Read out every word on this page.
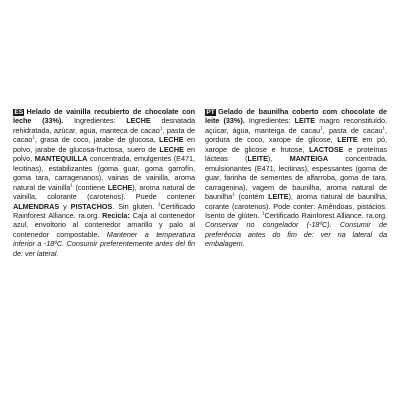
ES Helado de vainilla recubierto de chocolate con leche (33%). Ingredientes: LECHE desnatada rehidratada, azúcar, agua, manteca de cacao$^1$, pasta de cacao$^1$, grasa de coco, jarabe de glucosa, LECHE en polvo, jarabe de glucosa-fructosa, suero de LECHE en polvo, MANTEQUILLA concentrada, emulgentes (E471, lecitinas), estabilizantes (goma guar, goma garrofín, goma tara, carragenanos), vainas de vainilla, aroma natural de vainilla$^1$ (contiene LECHE), aroma natural de vainilla, colorante (carotenos). Puede contener ALMENDRAS y PISTACHOS. Sin gluten. $^1$Certificado Rainforest Alliance. ra.org. Recicla: Caja al contenedor azul, envoltorio al contenedor amarillo y palo al contenedor compostable. Mantener a temperatura inferior a -18ºC. Consumir preferentemente antes del fin de: ver lateral.
PT Gelado de baunilha coberto com chocolate de leite (33%). Ingredientes: LEITE magro reconstituído, açúcar, água, manteiga de cacau$^1$, pasta de cacau$^1$, gordura de coco, xarope de glicose, LEITE em pó, xarope de glicose e frutose, LACTOSE e proteínas lácteas (LEITE), MANTEIGA concentrada, emulsionantes (E471, lecitinas), espessantes (goma de guar, farinha de sementes de alfarroba, goma de tara, carragenina), vagem de baunilha, aroma natural de baunilha$^1$ (contém LEITE), aroma natural de baunilha, corante (carotenos). Pode conter: Amêndoas, pistácios. Isento de glúten. $^1$Certificado Rainforest Alliance. ra.org. Conservar no congelador (-18ºC). Consumir de preferência antes do fim de: ver na lateral da embalagem.
